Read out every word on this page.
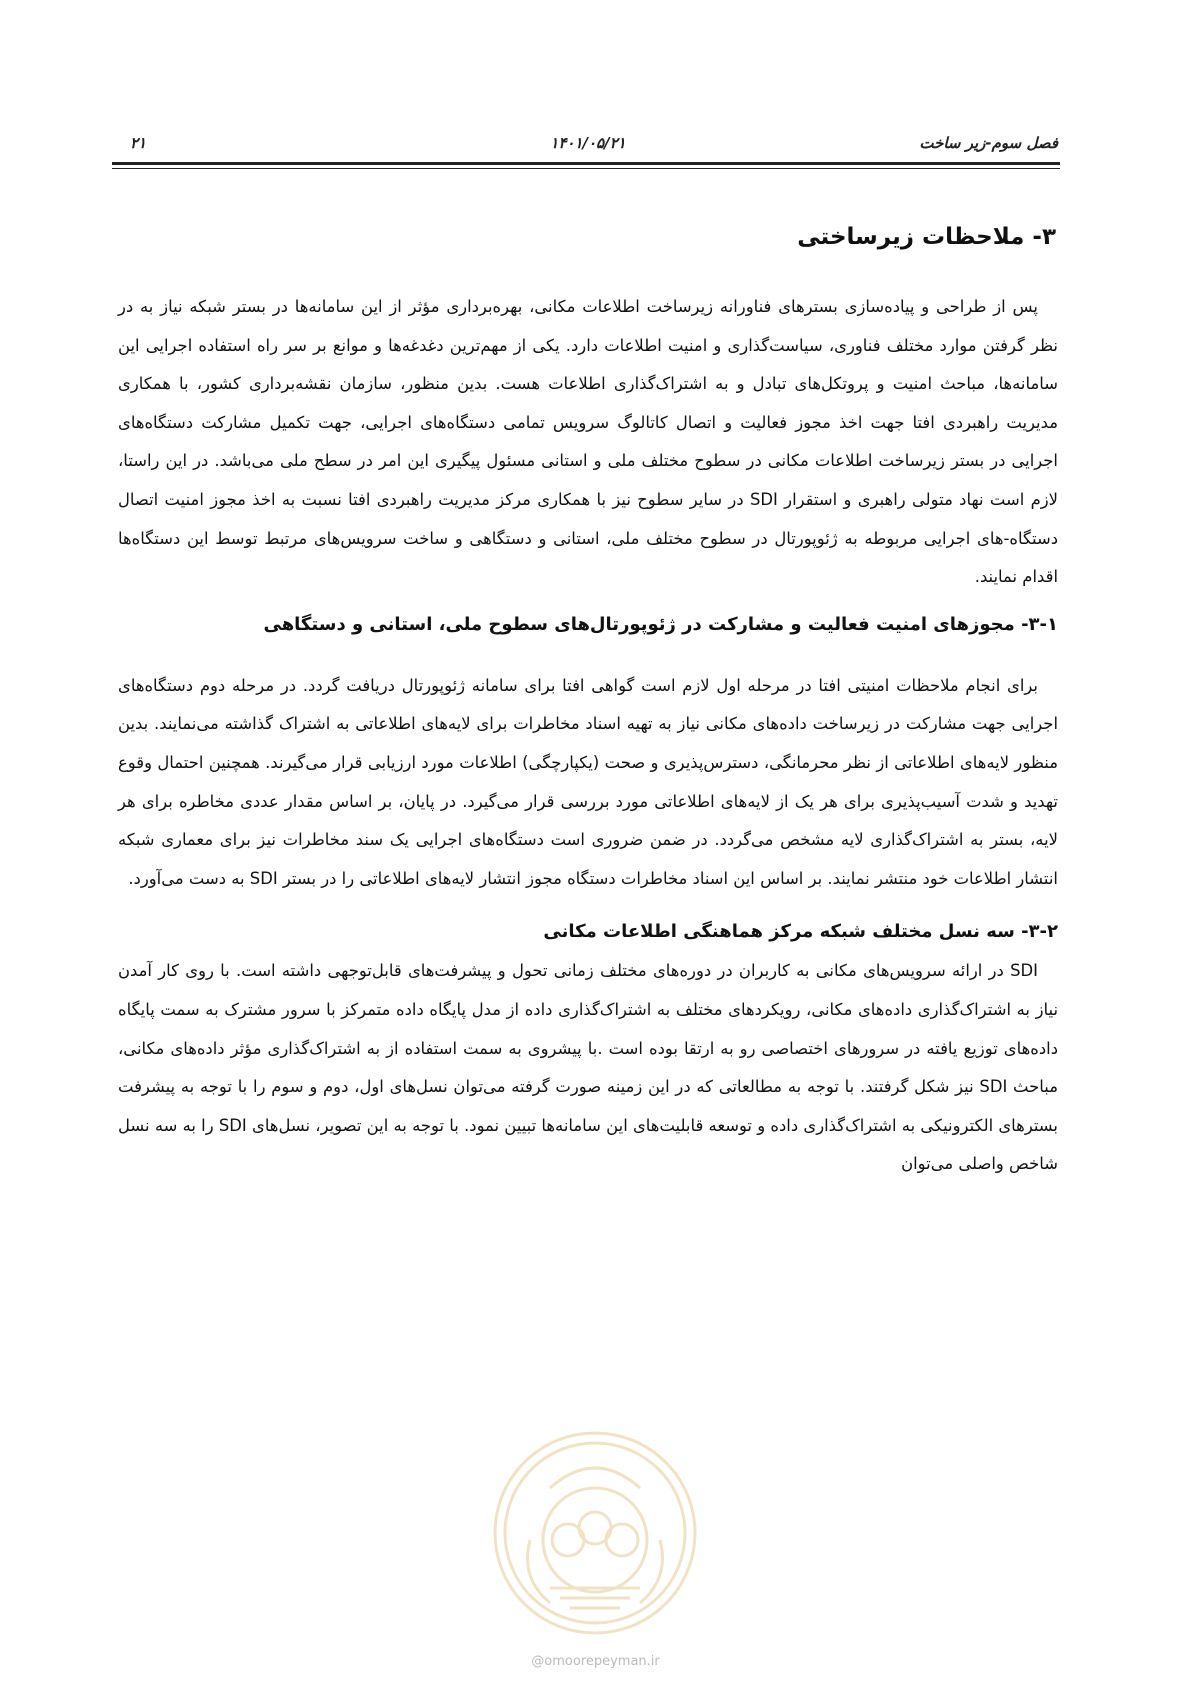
فصل سوم-زیر ساخت
۱۴۰۱/۰۵/۲۱
۲۱
۳- ملاحظات زیرساختی

پس از طراحی و پیاده‌سازی بسترهای فناورانه زیرساخت اطلاعات مکانی، بهره‌برداری مؤثر از این سامانه‌ها در بستر شبکه نیاز به در نظر گرفتن موارد مختلف فناوری، سیاست‌گذاری و امنیت اطلاعات دارد. یکی از مهم‌ترین دغدغه‌ها و موانع بر سر راه استفاده اجرایی این سامانه‌ها، مباحث امنیت و پروتکل‌های تبادل و به اشتراک‌گذاری اطلاعات هست. بدین منظور، سازمان نقشه‌برداری کشور، با همکاری مدیریت راهبردی افتا جهت اخذ مجوز فعالیت و اتصال کاتالوگ سرویس تمامی دستگاه‌های اجرایی، جهت تکمیل مشارکت دستگاه‌های اجرایی در بستر زیرساخت اطلاعات مکانی در سطوح مختلف ملی و استانی مسئول پیگیری این امر در سطح ملی می‌باشد. در این راستا، لازم است نهاد متولی راهبری و استقرار SDI در سایر سطوح نیز با همکاری مرکز مدیریت راهبردی افتا نسبت به اخذ مجوز امنیت اتصال دستگاه-های اجرایی مربوطه به ژئوپورتال در سطوح مختلف ملی، استانی و دستگاهی و ساخت سرویس‌های مرتبط توسط این دستگاه‌ها اقدام نمایند.

۳-۱- مجوزهای امنیت فعالیت و مشارکت در ژئوپورتال‌های سطوح ملی، استانی و دستگاهی

برای انجام ملاحظات امنیتی افتا در مرحله اول لازم است گواهی افتا برای سامانه ژئوپورتال دریافت گردد. در مرحله دوم دستگاه‌های اجرایی جهت مشارکت در زیرساخت داده‌های مکانی نیاز به تهیه اسناد مخاطرات برای لایه‌های اطلاعاتی به اشتراک گذاشته می‌نمایند. بدین منظور لایه‌های اطلاعاتی از نظر محرمانگی، دسترس‌پذیری و صحت (یکپارچگی) اطلاعات مورد ارزیابی قرار می‌گیرند. همچنین احتمال وقوع تهدید و شدت آسیب‌پذیری برای هر یک از لایه‌های اطلاعاتی مورد بررسی قرار می‌گیرد. در پایان، بر اساس مقدار عددی مخاطره برای هر لایه، بستر به اشتراک‌گذاری لایه مشخص می‌گردد. در ضمن ضروری است دستگاه‌های اجرایی یک سند مخاطرات نیز برای معماری شبکه انتشار اطلاعات خود منتشر نمایند. بر اساس این اسناد مخاطرات دستگاه مجوز انتشار لایه‌های اطلاعاتی را در بستر SDI به دست می‌آورد.

۳-۲- سه نسل مختلف شبکه مرکز هماهنگی اطلاعات مکانی

SDI در ارائه سرویس‌های مکانی به کاربران در دوره‌های مختلف زمانی تحول و پیشرفت‌های قابل‌توجهی داشته است. با روی کار آمدن نیاز به اشتراک‌گذاری داده‌های مکانی، رویکردهای مختلف به اشتراک‌گذاری داده از مدل پایگاه داده متمرکز با سرور مشترک به سمت پایگاه داده‌های توزیع یافته در سرورهای اختصاصی رو به ارتقا بوده است .با پیشروی به سمت استفاده از به اشتراک‌گذاری مؤثر داده‌های مکانی، مباحث SDI نیز شکل گرفتند. با توجه به مطالعاتی که در این زمینه صورت گرفته می‌توان نسل‌های اول، دوم و سوم را با توجه به پیشرفت بسترهای الکترونیکی به اشتراک‌گذاری داده و توسعه قابلیت‌های این سامانه‌ها تبیین نمود. با توجه به این تصویر، نسل‌های SDI را به سه نسل شاخص واصلی می‌توان

@omoorepeyman.ir
